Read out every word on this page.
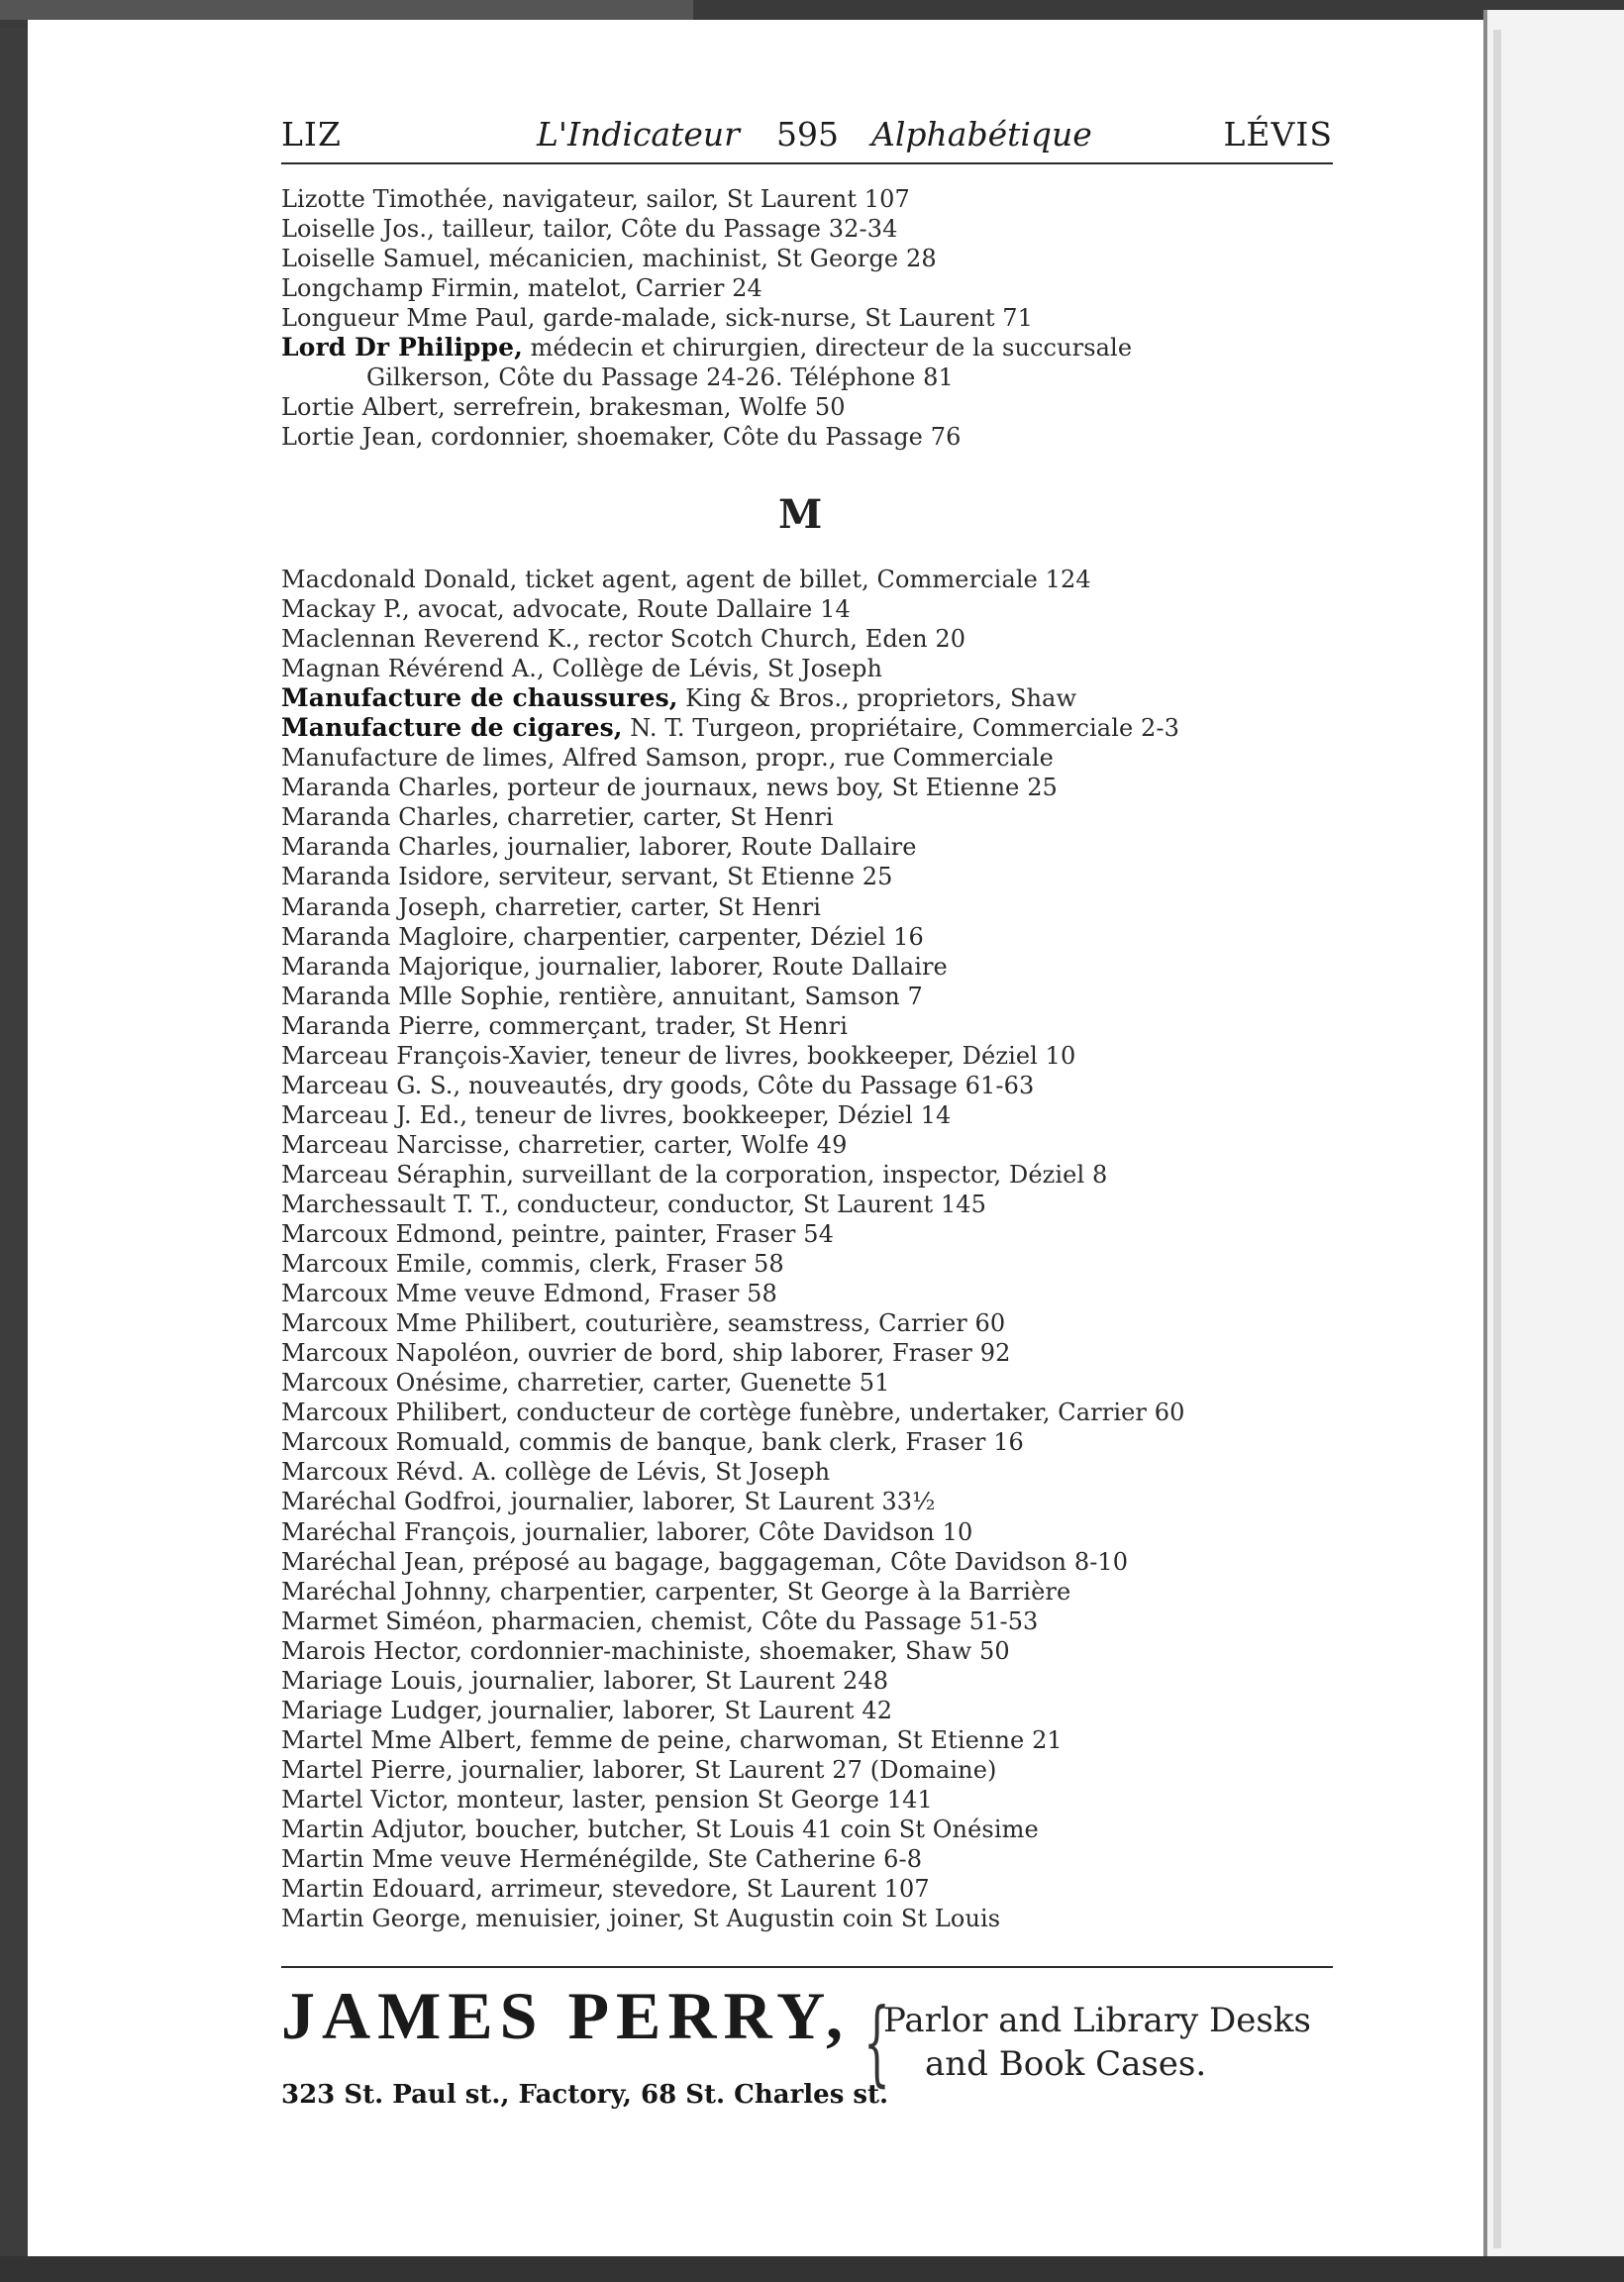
LIZ	L'Indicateur 595 Alphabétique	LÉVIS
Lizotte Timothée, navigateur, sailor, St Laurent 107
Loiselle Jos., tailleur, tailor, Côte du Passage 32-34
Loiselle Samuel, mécanicien, machinist, St George 28
Longchamp Firmin, matelot, Carrier 24
Longueur Mme Paul, garde-malade, sick-nurse, St Laurent 71
Lord Dr Philippe, médecin et chirurgien, directeur de la succursale
Gilkerson, Côte du Passage 24-26. Téléphone 81
Lortie Albert, serrefrein, brakesman, Wolfe 50
Lortie Jean, cordonnier, shoemaker, Côte du Passage 76
M
Macdonald Donald, ticket agent, agent de billet, Commerciale 124
Mackay P., avocat, advocate, Route Dallaire 14
Maclennan Reverend K., rector Scotch Church, Eden 20
Magnan Révérend A., Collège de Lévis, St Joseph
Manufacture de chaussures, King & Bros., proprietors, Shaw
Manufacture de cigares, N. T. Turgeon, propriétaire, Commerciale 2-3
Manufacture de limes, Alfred Samson, propr., rue Commerciale
Maranda Charles, porteur de journaux, news boy, St Etienne 25
Maranda Charles, charretier, carter, St Henri
Maranda Charles, journalier, laborer, Route Dallaire
Maranda Isidore, serviteur, servant, St Etienne 25
Maranda Joseph, charretier, carter, St Henri
Maranda Magloire, charpentier, carpenter, Déziel 16
Maranda Majorique, journalier, laborer, Route Dallaire
Maranda Mlle Sophie, rentière, annuitant, Samson 7
Maranda Pierre, commerçant, trader, St Henri
Marceau François-Xavier, teneur de livres, bookkeeper, Déziel 10
Marceau G. S., nouveautés, dry goods, Côte du Passage 61-63
Marceau J. Ed., teneur de livres, bookkeeper, Déziel 14
Marceau Narcisse, charretier, carter, Wolfe 49
Marceau Séraphin, surveillant de la corporation, inspector, Déziel 8
Marchessault T. T., conducteur, conductor, St Laurent 145
Marcoux Edmond, peintre, painter, Fraser 54
Marcoux Emile, commis, clerk, Fraser 58
Marcoux Mme veuve Edmond, Fraser 58
Marcoux Mme Philibert, couturière, seamstress, Carrier 60
Marcoux Napoléon, ouvrier de bord, ship laborer, Fraser 92
Marcoux Onésime, charretier, carter, Guenette 51
Marcoux Philibert, conducteur de cortège funèbre, undertaker, Carrier 60
Marcoux Romuald, commis de banque, bank clerk, Fraser 16
Marcoux Révd. A. collège de Lévis, St Joseph
Maréchal Godfroi, journalier, laborer, St Laurent 33½
Maréchal François, journalier, laborer, Côte Davidson 10
Maréchal Jean, préposé au bagage, baggageman, Côte Davidson 8-10
Maréchal Johnny, charpentier, carpenter, St George à la Barrière
Marmet Siméon, pharmacien, chemist, Côte du Passage 51-53
Marois Hector, cordonnier-machiniste, shoemaker, Shaw 50
Mariage Louis, journalier, laborer, St Laurent 248
Mariage Ludger, journalier, laborer, St Laurent 42
Martel Mme Albert, femme de peine, charwoman, St Etienne 21
Martel Pierre, journalier, laborer, St Laurent 27 (Domaine)
Martel Victor, monteur, laster, pension St George 141
Martin Adjutor, boucher, butcher, St Louis 41 coin St Onésime
Martin Mme veuve Herménégilde, Ste Catherine 6-8
Martin Edouard, arrimeur, stevedore, St Laurent 107
Martin George, menuisier, joiner, St Augustin coin St Louis
JAMES PERRY, {
Parlor and Library Desks
and Book Cases.
323 St. Paul st., Factory, 68 St. Charles st.
